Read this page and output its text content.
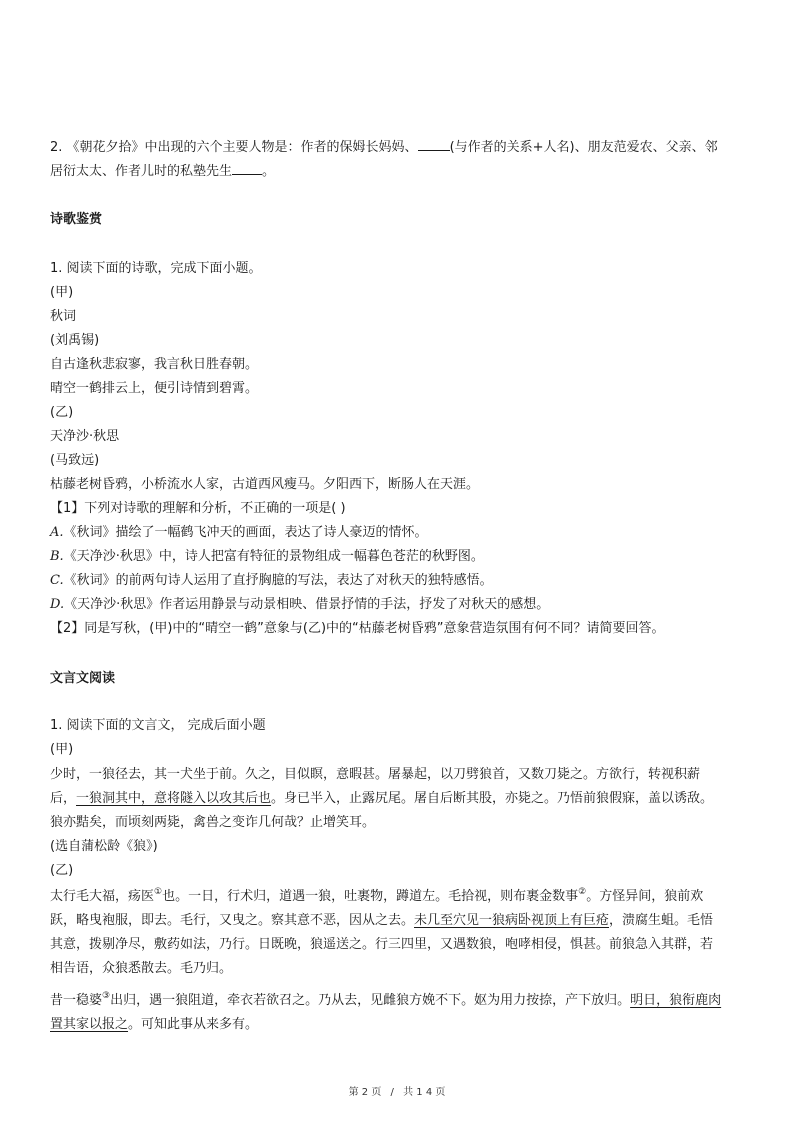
2. 《朝花夕拾》中出现的六个主要人物是：作者的保姆长妈妈、 (与作者的关系+人名)、朋友范爱农、父亲、邻
居衍太太、作者儿时的私塾先生 。
诗歌鉴赏
1. 阅读下面的诗歌，完成下面小题。
(甲)
秋词
(刘禹锡)
自古逢秋悲寂寥，我言秋日胜春朝。
晴空一鹤排云上，便引诗情到碧霄。
(乙)
天净沙·秋思
(马致远)
枯藤老树昏鸦，小桥流水人家，古道西风瘦马。夕阳西下，断肠人在天涯。
【1】下列对诗歌的理解和分析，不正确的一项是( )
A.《秋词》描绘了一幅鹤飞冲天的画面，表达了诗人豪迈的情怀。
B.《天净沙·秋思》中，诗人把富有特征的景物组成一幅暮色苍茫的秋野图。
C.《秋词》的前两句诗人运用了直抒胸臆的写法，表达了对秋天的独特感悟。
D.《天净沙·秋思》作者运用静景与动景相映、借景抒情的手法，抒发了对秋天的感想。
【2】同是写秋，(甲)中的“晴空一鹤”意象与(乙)中的“枯藤老树昏鸦”意象营造氛围有何不同？请简要回答。
文言文阅读
1. 阅读下面的文言文， 完成后面小题
(甲)
少时，一狼径去，其一犬坐于前。久之，目似瞑，意暇甚。屠暴起，以刀劈狼首，又数刀毙之。方欲行，转视积薪
后，一狼洞其中，意将隧入以攻其后也。身已半入，止露尻尾。屠自后断其股，亦毙之。乃悟前狼假寐，盖以诱敌。
狼亦黠矣，而顷刻两毙，禽兽之变诈几何哉？止增笑耳。
(选自蒲松龄《狼》)
(乙)
太行毛大福，疡医①也。一日，行术归，道遇一狼，吐裹物，蹲道左。毛拾视，则布裹金数事②。方怪异间，狼前欢
跃，略曳袍服，即去。毛行，又曳之。察其意不恶，因从之去。未几至穴见一狼病卧视顶上有巨疮，溃腐生蛆。毛悟
其意，拨剔净尽，敷药如法，乃行。日既晚，狼遥送之。行三四里，又遇数狼，咆哮相侵，惧甚。前狼急入其群，若
相告语，众狼悉散去。毛乃归。
昔一稳婆③出归，遇一狼阻道，牵衣若欲召之。乃从去，见雌狼方娩不下。妪为用力按捺，产下放归。明日，狼衔鹿肉
置其家以报之。可知此事从来多有。
第 2 页 / 共 1 4 页
